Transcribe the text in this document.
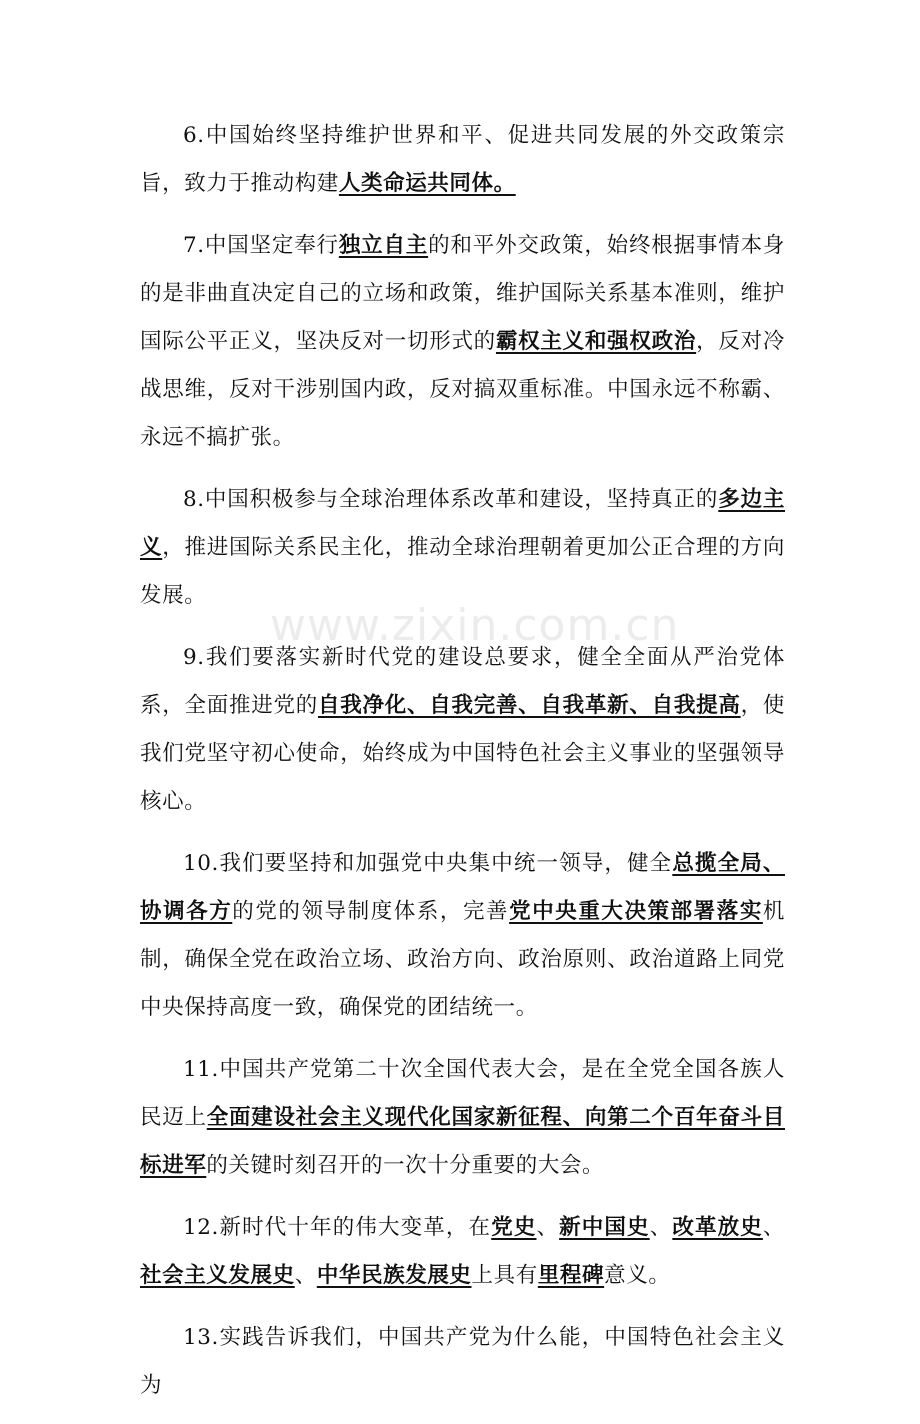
6.中国始终坚持维护世界和平、促进共同发展的外交政策宗旨，致力于推动构建人类命运共同体。

7.中国坚定奉行独立自主的和平外交政策，始终根据事情本身的是非曲直决定自己的立场和政策，维护国际关系基本准则，维护国际公平正义，坚决反对一切形式的霸权主义和强权政治，反对冷战思维，反对干涉别国内政，反对搞双重标准。中国永远不称霸、永远不搞扩张。

8.中国积极参与全球治理体系改革和建设，坚持真正的多边主义，推进国际关系民主化，推动全球治理朝着更加公正合理的方向发展。

9.我们要落实新时代党的建设总要求，健全全面从严治党体系，全面推进党的自我净化、自我完善、自我革新、自我提高，使我们党坚守初心使命，始终成为中国特色社会主义事业的坚强领导核心。

10.我们要坚持和加强党中央集中统一领导，健全总揽全局、协调各方的党的领导制度体系，完善党中央重大决策部署落实机制，确保全党在政治立场、政治方向、政治原则、政治道路上同党中央保持高度一致，确保党的团结统一。

11.中国共产党第二十次全国代表大会，是在全党全国各族人民迈上全面建设社会主义现代化国家新征程、向第二个百年奋斗目标进军的关键时刻召开的一次十分重要的大会。

12.新时代十年的伟大变革，在党史、新中国史、改革放史、社会主义发展史、中华民族发展史上具有里程碑意义。

13.实践告诉我们，中国共产党为什么能，中国特色社会主义为

www.zixin.com.cn
